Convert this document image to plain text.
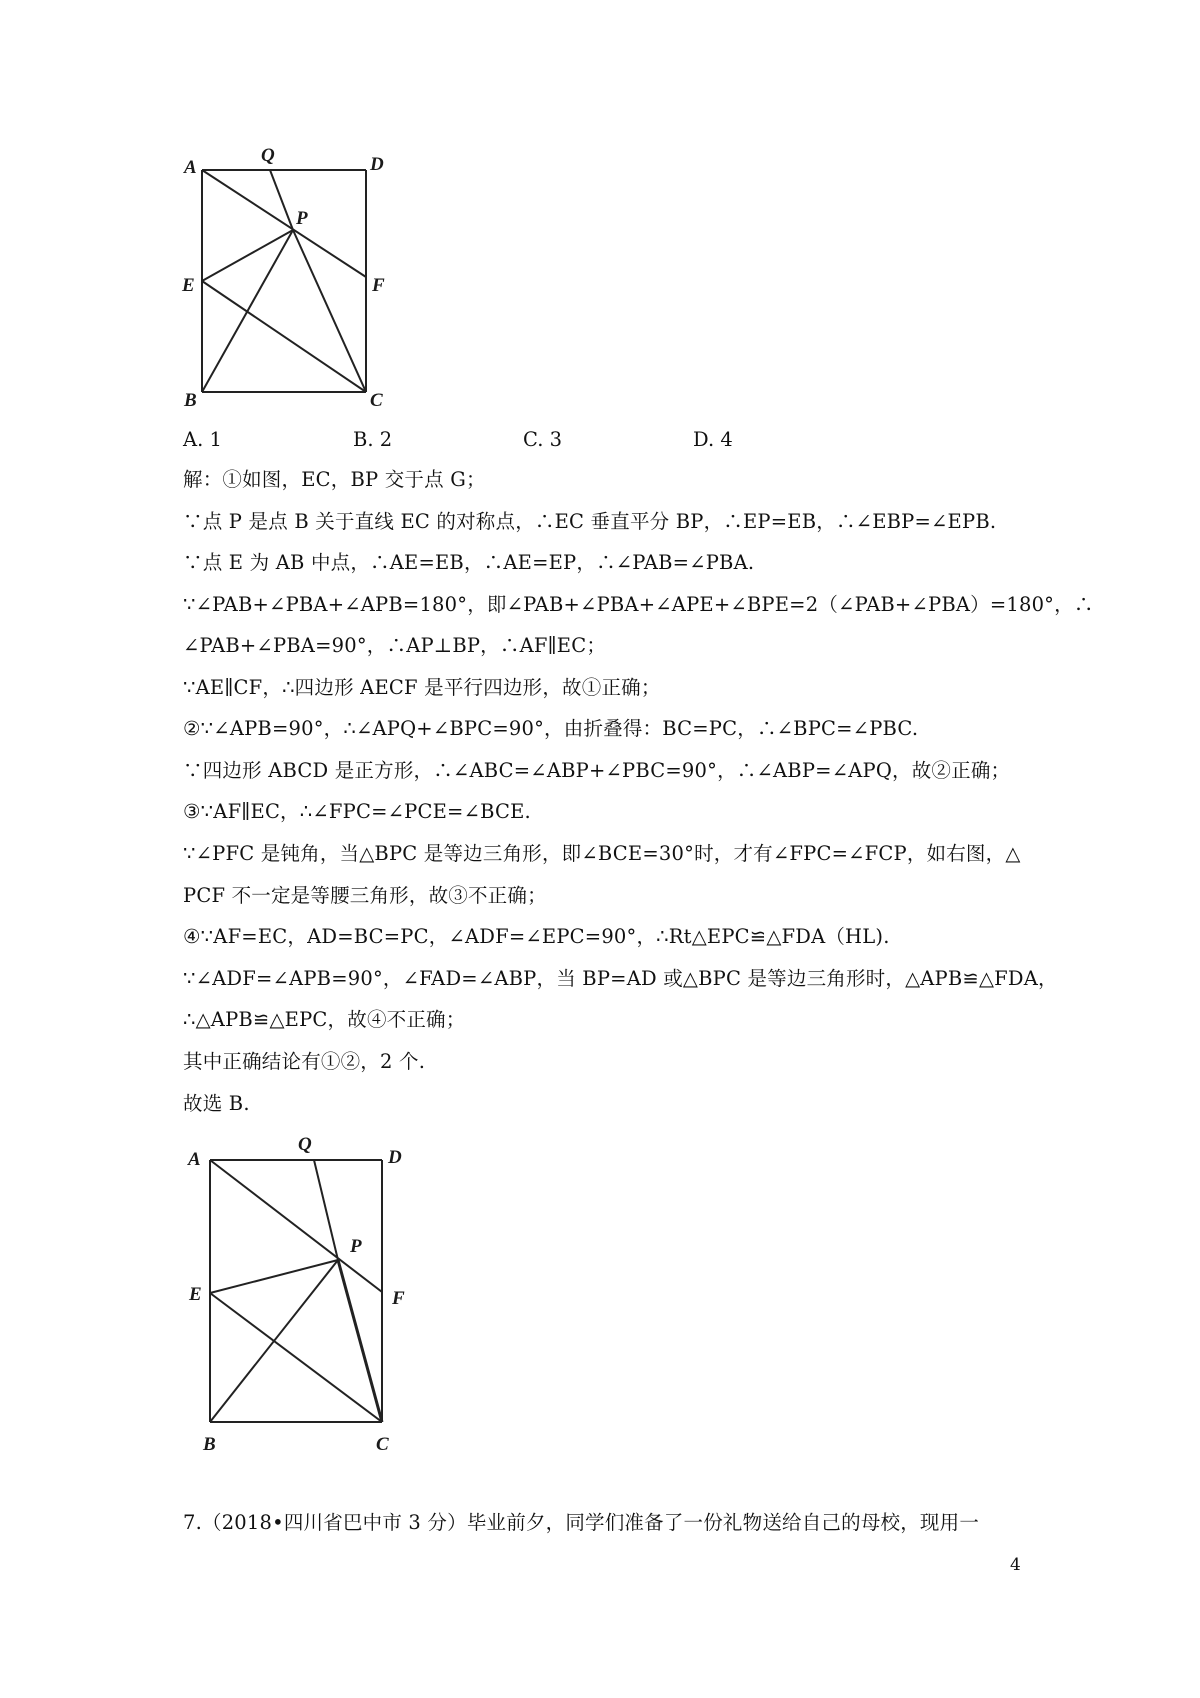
A
Q	D
P
E	F
B	C
A. 1	B. 2	C. 3	D. 4
解：①如图，EC，BP 交于点 G；
∵点 P 是点 B 关于直线 EC 的对称点，∴EC 垂直平分 BP，∴EP=EB，∴∠EBP=∠EPB.
∵点 E 为 AB 中点，∴AE=EB，∴AE=EP，∴∠PAB=∠PBA.
∵∠PAB+∠PBA+∠APB=180°，即∠PAB+∠PBA+∠APE+∠BPE=2（∠PAB+∠PBA）=180°，∴
∠PAB+∠PBA=90°，∴AP⊥BP，∴AF∥EC；
∵AE∥CF，∴四边形 AECF 是平行四边形，故①正确；
②∵∠APB=90°，∴∠APQ+∠BPC=90°，由折叠得：BC=PC，∴∠BPC=∠PBC.
∵四边形 ABCD 是正方形，∴∠ABC=∠ABP+∠PBC=90°，∴∠ABP=∠APQ，故②正确；
③∵AF∥EC，∴∠FPC=∠PCE=∠BCE.
∵∠PFC 是钝角，当△BPC 是等边三角形，即∠BCE=30°时，才有∠FPC=∠FCP，如右图，△
PCF 不一定是等腰三角形，故③不正确；
④∵AF=EC，AD=BC=PC，∠ADF=∠EPC=90°，∴Rt△EPC≌△FDA（HL).
∵∠ADF=∠APB=90°，∠FAD=∠ABP，当 BP=AD 或△BPC 是等边三角形时，△APB≌△FDA，
∴△APB≌△EPC，故④不正确；
其中正确结论有①②，2 个.
故选 B.
A
Q
D
P
E	F
B	C
7.（2018•四川省巴中市 3 分）毕业前夕，同学们准备了一份礼物送给自己的母校，现用一
4
